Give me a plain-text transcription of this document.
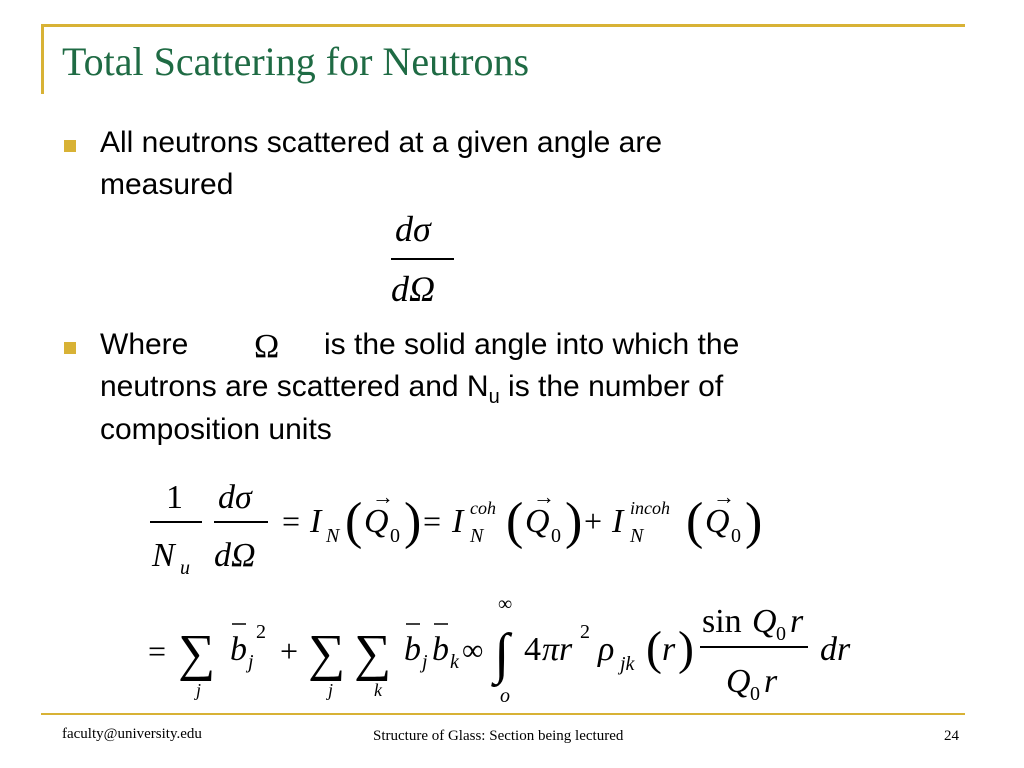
Total Scattering for Neutrons
All neutrons scattered at a given angle are
measured
dσ
dΩ
Where Ω is the solid angle into which the
neutrons are scattered and $N_u$ is the number of
composition units
1
N u
dσ
dΩ
= I N ( Q
→
0 ) = I coh
N ( Q
→
0 ) + I incoh
N ( Q
→
0 )
= ∑
j
b j
2
+ ∑
j
∑
k
b j b k ∞ ∫
∞
o
4 πr 2 ρ jk ( r )
sin Q 0 r
Q 0 r
dr
faculty@university.edu	Structure of Glass: Section being lectured	24
